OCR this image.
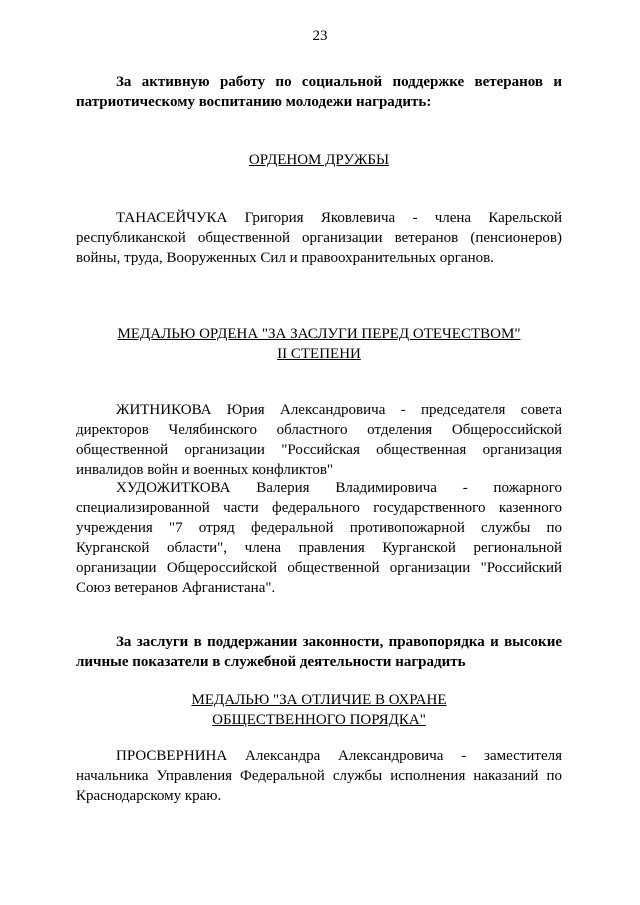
23
За активную работу по социальной поддержке ветеранов и патриотическому воспитанию молодежи наградить:
ОРДЕНОМ ДРУЖБЫ
ТАНАСЕЙЧУКА Григория Яковлевича - члена Карельской республиканской общественной организации ветеранов (пенсионеров) войны, труда, Вооруженных Сил и правоохранительных органов.
МЕДАЛЬЮ ОРДЕНА "ЗА ЗАСЛУГИ ПЕРЕД ОТЕЧЕСТВОМ"
II СТЕПЕНИ
ЖИТНИКОВА Юрия Александровича - председателя совета директоров Челябинского областного отделения Общероссийской общественной организации "Российская общественная организация инвалидов войн и военных конфликтов"
ХУДОЖИТКОВА Валерия Владимировича - пожарного специализированной части федерального государственного казенного учреждения "7 отряд федеральной противопожарной службы по Курганской области", члена правления Курганской региональной организации Общероссийской общественной организации "Российский Союз ветеранов Афганистана".
За заслуги в поддержании законности, правопорядка и высокие личные показатели в служебной деятельности наградить
МЕДАЛЬЮ "ЗА ОТЛИЧИЕ В ОХРАНЕ
ОБЩЕСТВЕННОГО ПОРЯДКА"
ПРОСВЕРНИНА Александра Александровича - заместителя начальника Управления Федеральной службы исполнения наказаний по Краснодарскому краю.
